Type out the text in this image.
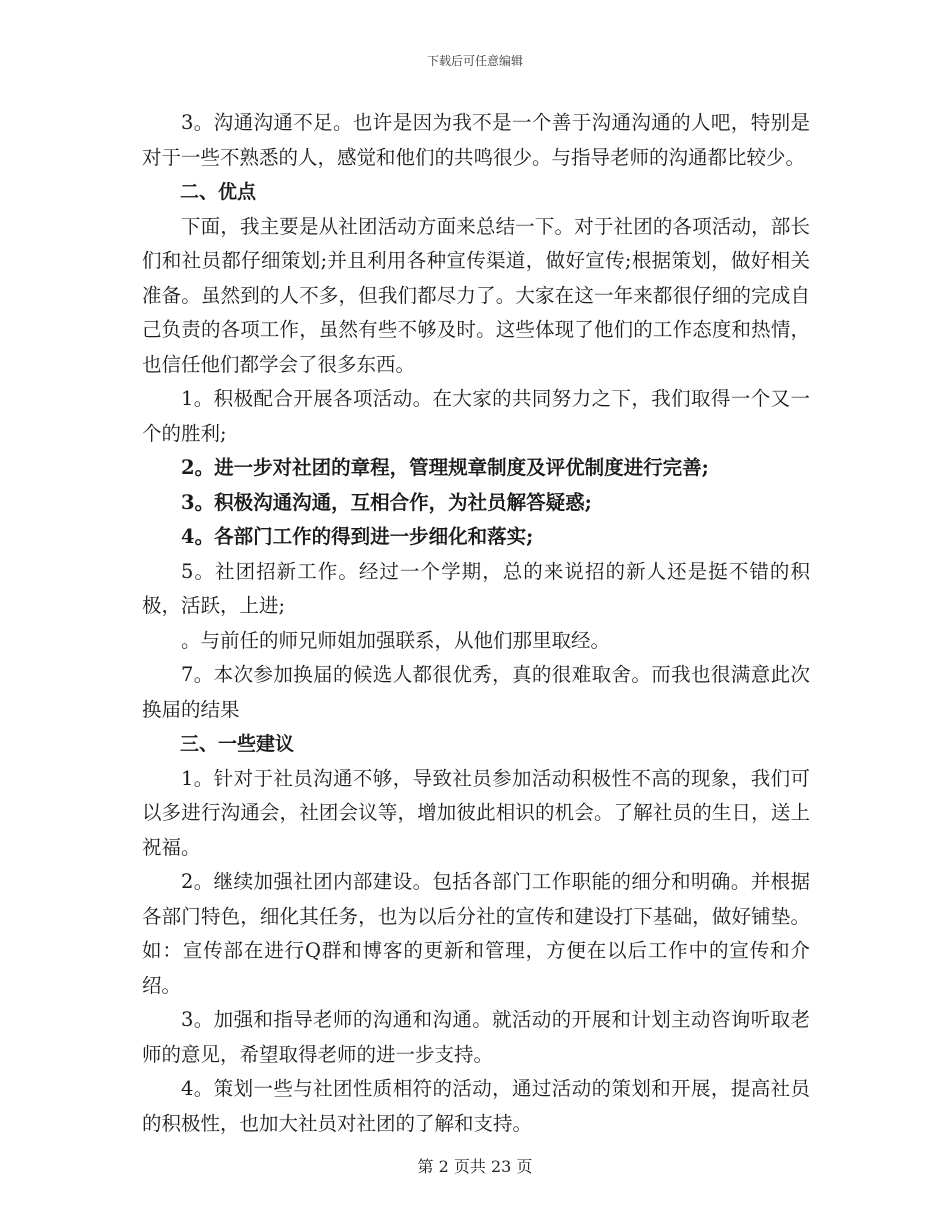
下载后可任意编辑

3。沟通沟通不足。也许是因为我不是一个善于沟通沟通的人吧，特别是对于一些不熟悉的人，感觉和他们的共鸣很少。与指导老师的沟通都比较少。

二、优点

下面，我主要是从社团活动方面来总结一下。对于社团的各项活动，部长们和社员都仔细策划;并且利用各种宣传渠道，做好宣传;根据策划，做好相关准备。虽然到的人不多，但我们都尽力了。大家在这一年来都很仔细的完成自己负责的各项工作，虽然有些不够及时。这些体现了他们的工作态度和热情，也信任他们都学会了很多东西。

1。积极配合开展各项活动。在大家的共同努力之下，我们取得一个又一个的胜利;

2。进一步对社团的章程，管理规章制度及评优制度进行完善;

3。积极沟通沟通，互相合作，为社员解答疑惑;

4。各部门工作的得到进一步细化和落实;

5。社团招新工作。经过一个学期，总的来说招的新人还是挺不错的积极，活跃，上进;

。与前任的师兄师姐加强联系，从他们那里取经。

7。本次参加换届的候选人都很优秀，真的很难取舍。而我也很满意此次换届的结果

三、一些建议

1。针对于社员沟通不够，导致社员参加活动积极性不高的现象，我们可以多进行沟通会，社团会议等，增加彼此相识的机会。了解社员的生日，送上祝福。

2。继续加强社团内部建设。包括各部门工作职能的细分和明确。并根据各部门特色，细化其任务，也为以后分社的宣传和建设打下基础，做好铺垫。如：宣传部在进行Q群和博客的更新和管理，方便在以后工作中的宣传和介绍。

3。加强和指导老师的沟通和沟通。就活动的开展和计划主动咨询听取老师的意见，希望取得老师的进一步支持。

4。策划一些与社团性质相符的活动，通过活动的策划和开展，提高社员的积极性，也加大社员对社团的了解和支持。

第 2 页共 23 页
